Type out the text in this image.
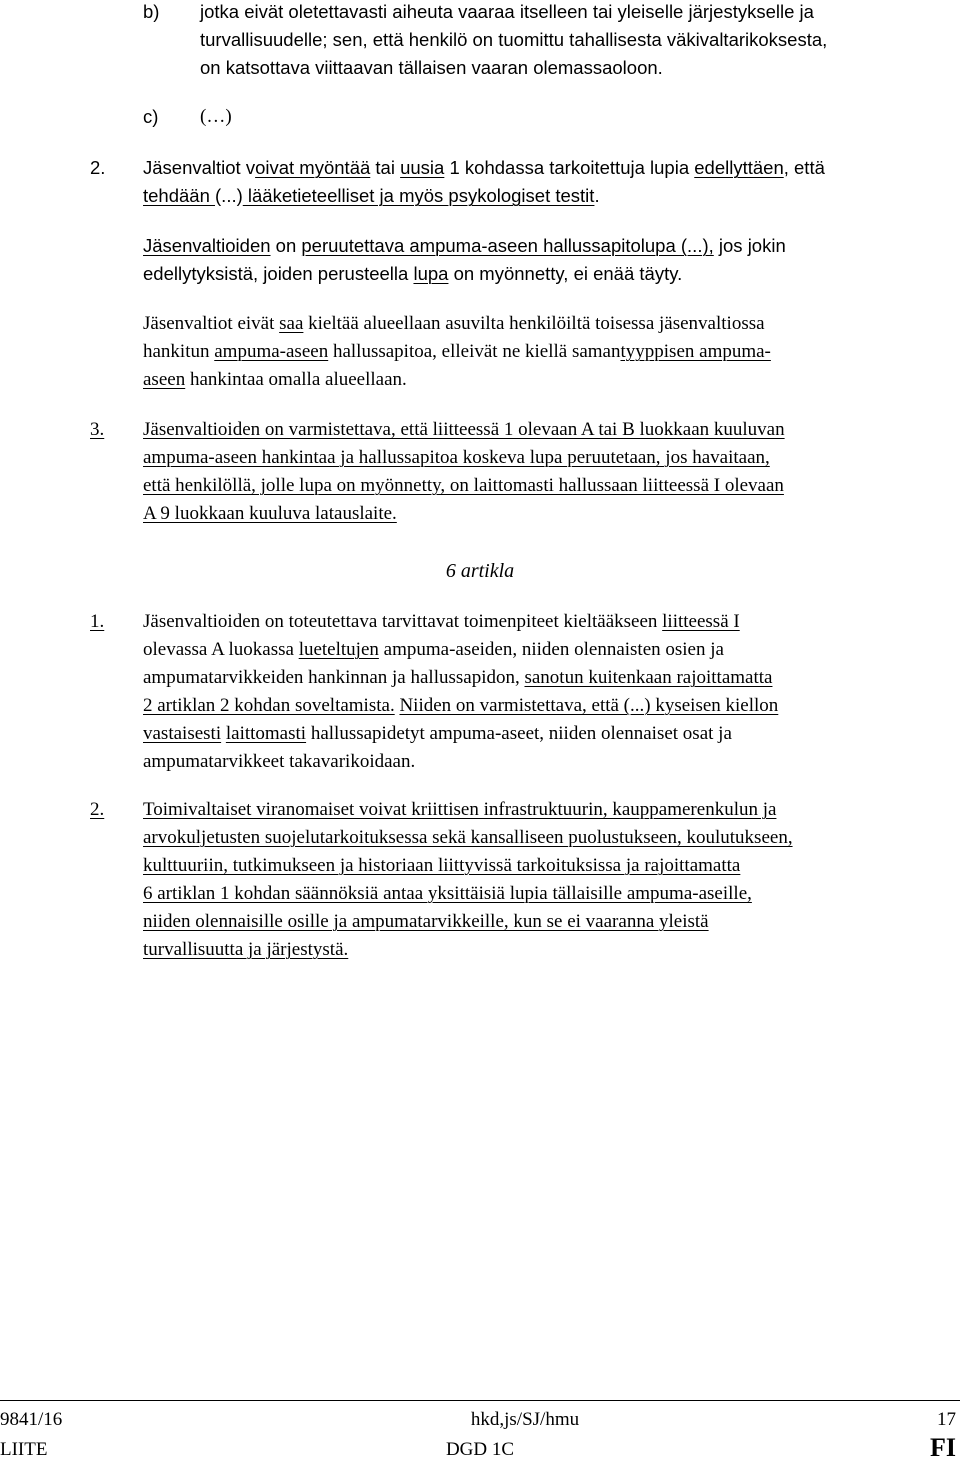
b) jotka eivät oletettavasti aiheuta vaaraa itselleen tai yleiselle järjestykselle ja
turvallisuudelle; sen, että henkilö on tuomittu tahallisesta väkivaltarikoksesta,
on katsottava viittaavan tällaisen vaaran olemassaoloon.
c) (…)
2. Jäsenvaltiot voivat myöntää tai uusia 1 kohdassa tarkoitettuja lupia edellyttäen, että
tehdään (...) lääketieteelliset ja myös psykologiset testit.
Jäsenvaltioiden on peruutettava ampuma-aseen hallussapitolupa (...), jos jokin
edellytyksistä, joiden perusteella lupa on myönnetty, ei enää täyty.
Jäsenvaltiot eivät saa kieltää alueellaan asuvilta henkilöiltä toisessa jäsenvaltiossa
hankitun ampuma-aseen hallussapitoa, elleivät ne kiellä samantyyppisen ampuma-
aseen hankintaa omalla alueellaan.
3. Jäsenvaltioiden on varmistettava, että liitteessä 1 olevaan A tai B luokkaan kuuluvan
ampuma-aseen hankintaa ja hallussapitoa koskeva lupa peruutetaan, jos havaitaan,
että henkilöllä, jolle lupa on myönnetty, on laittomasti hallussaan liitteessä I olevaan
A 9 luokkaan kuuluva latauslaite.
6 artikla
1. Jäsenvaltioiden on toteutettava tarvittavat toimenpiteet kieltääkseen liitteessä I
olevassa A luokassa lueteltujen ampuma-aseiden, niiden olennaisten osien ja
ampumatarvikkeiden hankinnan ja hallussapidon, sanotun kuitenkaan rajoittamatta
2 artiklan 2 kohdan soveltamista. Niiden on varmistettava, että (...) kyseisen kiellon
vastaisesti laittomasti hallussapidetyt ampuma-aseet, niiden olennaiset osat ja
ampumatarvikkeet takavarikoidaan.
2. Toimivaltaiset viranomaiset voivat kriittisen infrastruktuurin, kauppamerenkulun ja
arvokuljetusten suojelutarkoituksessa sekä kansalliseen puolustukseen, koulutukseen,
kulttuuriin, tutkimukseen ja historiaan liittyvissä tarkoituksissa ja rajoittamatta
6 artiklan 1 kohdan säännöksiä antaa yksittäisiä lupia tällaisille ampuma-aseille,
niiden olennaisille osille ja ampumatarvikkeille, kun se ei vaaranna yleistä
turvallisuutta ja järjestystä.
9841/16	hkd,js/SJ/hmu	17
LIITE	DGD 1C	FI
